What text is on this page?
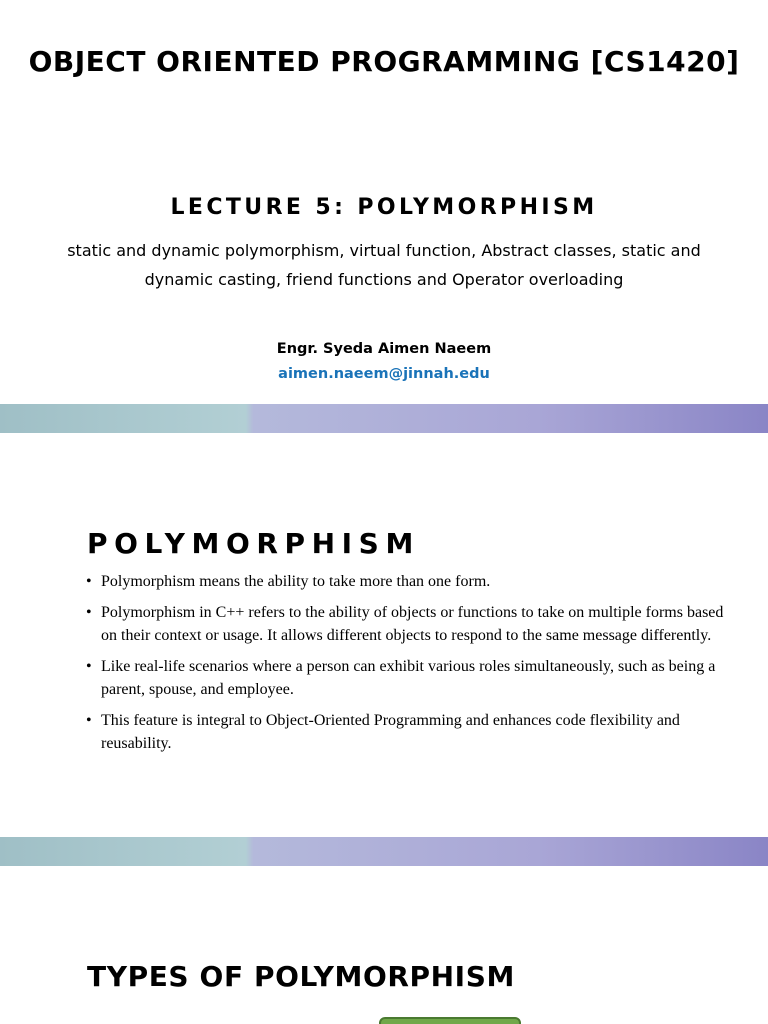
OBJECT ORIENTED PROGRAMMING [CS1420]
LECTURE 5: POLYMORPHISM
static and dynamic polymorphism, virtual function, Abstract classes, static and dynamic casting, friend functions and Operator overloading
Engr. Syeda Aimen Naeem
aimen.naeem@jinnah.edu
POLYMORPHISM
• Polymorphism means the ability to take more than one form.
• Polymorphism in C++ refers to the ability of objects or functions to take on multiple forms based on their context or usage. It allows different objects to respond to the same message differently.
• Like real-life scenarios where a person can exhibit various roles simultaneously, such as being a parent, spouse, and employee.
• This feature is integral to Object-Oriented Programming and enhances code flexibility and reusability.
TYPES OF POLYMORPHISM
